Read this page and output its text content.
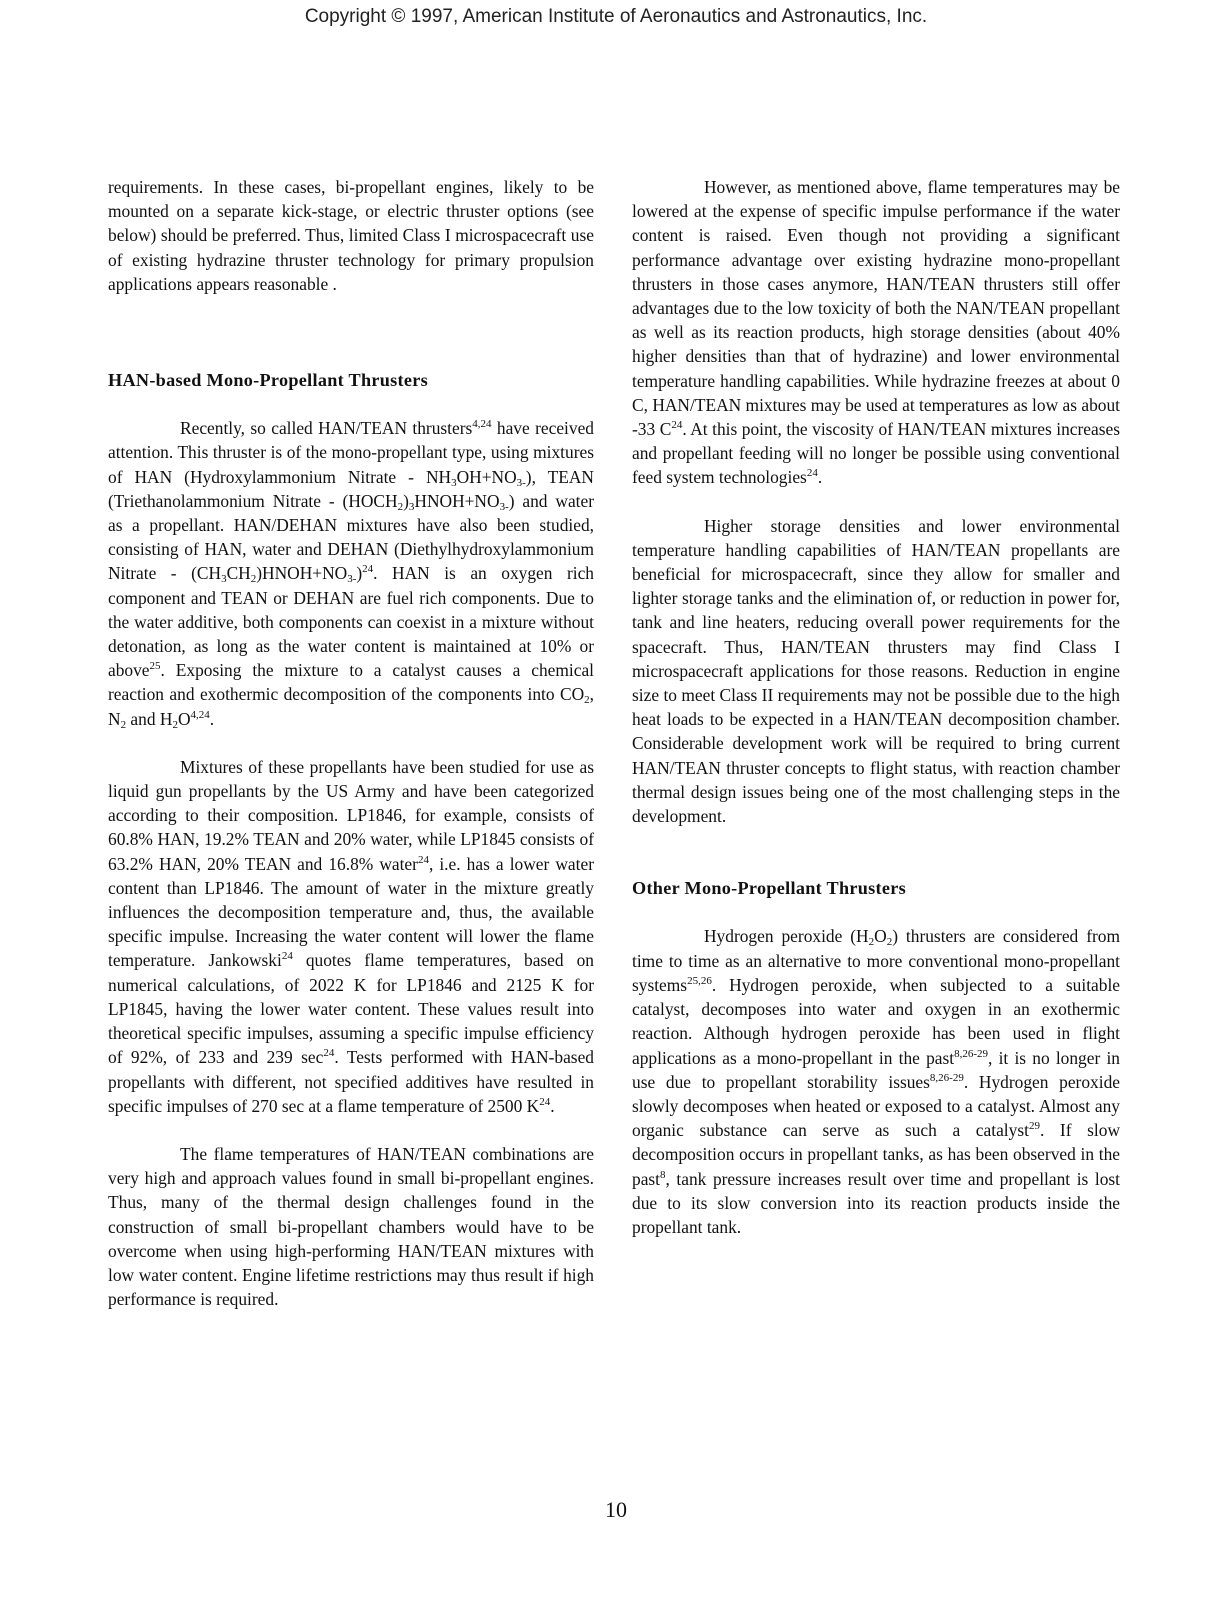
Copyright © 1997, American Institute of Aeronautics and Astronautics, Inc.

requirements. In these cases, bi-propellant engines, likely to be mounted on a separate kick-stage, or electric thruster options (see below) should be preferred. Thus, limited Class I microspacecraft use of existing hydrazine thruster technology for primary propulsion applications appears reasonable .

HAN-based Mono-Propellant Thrusters

Recently, so called HAN/TEAN thrusters$^{4,24}$ have received attention. This thruster is of the mono-propellant type, using mixtures of HAN (Hydroxylammonium Nitrate - $NH_3OH+NO_{3-}$), TEAN (Triethanolammonium Nitrate - $(HOCH_2)_3HNOH+NO_{3-}$) and water as a propellant. HAN/DEHAN mixtures have also been studied, consisting of HAN, water and DEHAN (Diethylhydroxylammonium Nitrate - $(CH_3CH_2)HNOH+NO_{3-})^{24}$. HAN is an oxygen rich component and TEAN or DEHAN are fuel rich components. Due to the water additive, both components can coexist in a mixture without detonation, as long as the water content is maintained at 10% or above$^{25}$. Exposing the mixture to a catalyst causes a chemical reaction and exothermic decomposition of the components into $CO_2$, $N_2$ and $H_2O^{4,24}$.

Mixtures of these propellants have been studied for use as liquid gun propellants by the US Army and have been categorized according to their composition. LP1846, for example, consists of 60.8% HAN, 19.2% TEAN and 20% water, while LP1845 consists of 63.2% HAN, 20% TEAN and 16.8% water$^{24}$, i.e. has a lower water content than LP1846. The amount of water in the mixture greatly influences the decomposition temperature and, thus, the available specific impulse. Increasing the water content will lower the flame temperature. Jankowski$^{24}$ quotes flame temperatures, based on numerical calculations, of 2022 K for LP1846 and 2125 K for LP1845, having the lower water content. These values result into theoretical specific impulses, assuming a specific impulse efficiency of 92%, of 233 and 239 $\sec^{24}$. Tests performed with HAN-based propellants with different, not specified additives have resulted in specific impulses of 270 sec at a flame temperature of 2500 $K^{24}$.

The flame temperatures of HAN/TEAN combinations are very high and approach values found in small bi-propellant engines. Thus, many of the thermal design challenges found in the construction of small bi-propellant chambers would have to be overcome when using high-performing HAN/TEAN mixtures with low water content. Engine lifetime restrictions may thus result if high performance is required.

However, as mentioned above, flame temperatures may be lowered at the expense of specific impulse performance if the water content is raised. Even though not providing a significant performance advantage over existing hydrazine mono-propellant thrusters in those cases anymore, HAN/TEAN thrusters still offer advantages due to the low toxicity of both the NAN/TEAN propellant as well as its reaction products, high storage densities (about 40% higher densities than that of hydrazine) and lower environmental temperature handling capabilities. While hydrazine freezes at about 0 C, HAN/TEAN mixtures may be used at temperatures as low as about -33 $C^{24}$. At this point, the viscosity of HAN/TEAN mixtures increases and propellant feeding will no longer be possible using conventional feed system technologies$^{24}$.

Higher storage densities and lower environmental temperature handling capabilities of HAN/TEAN propellants are beneficial for microspacecraft, since they allow for smaller and lighter storage tanks and the elimination of, or reduction in power for, tank and line heaters, reducing overall power requirements for the spacecraft. Thus, HAN/TEAN thrusters may find Class I microspacecraft applications for those reasons. Reduction in engine size to meet Class II requirements may not be possible due to the high heat loads to be expected in a HAN/TEAN decomposition chamber. Considerable development work will be required to bring current HAN/TEAN thruster concepts to flight status, with reaction chamber thermal design issues being one of the most challenging steps in the development.

Other Mono-Propellant Thrusters

Hydrogen peroxide $(H_2O_2)$ thrusters are considered from time to time as an alternative to more conventional mono-propellant systems$^{25,26}$. Hydrogen peroxide, when subjected to a suitable catalyst, decomposes into water and oxygen in an exothermic reaction. Although hydrogen peroxide has been used in flight applications as a mono-propellant in the past$^{8,26-29}$, it is no longer in use due to propellant storability issues$^{8,26-29}$. Hydrogen peroxide slowly decomposes when heated or exposed to a catalyst. Almost any organic substance can serve as such a catalyst$^{29}$. If slow decomposition occurs in propellant tanks, as has been observed in the past$^8$, tank pressure increases result over time and propellant is lost due to its slow conversion into its reaction products inside the propellant tank.

10
